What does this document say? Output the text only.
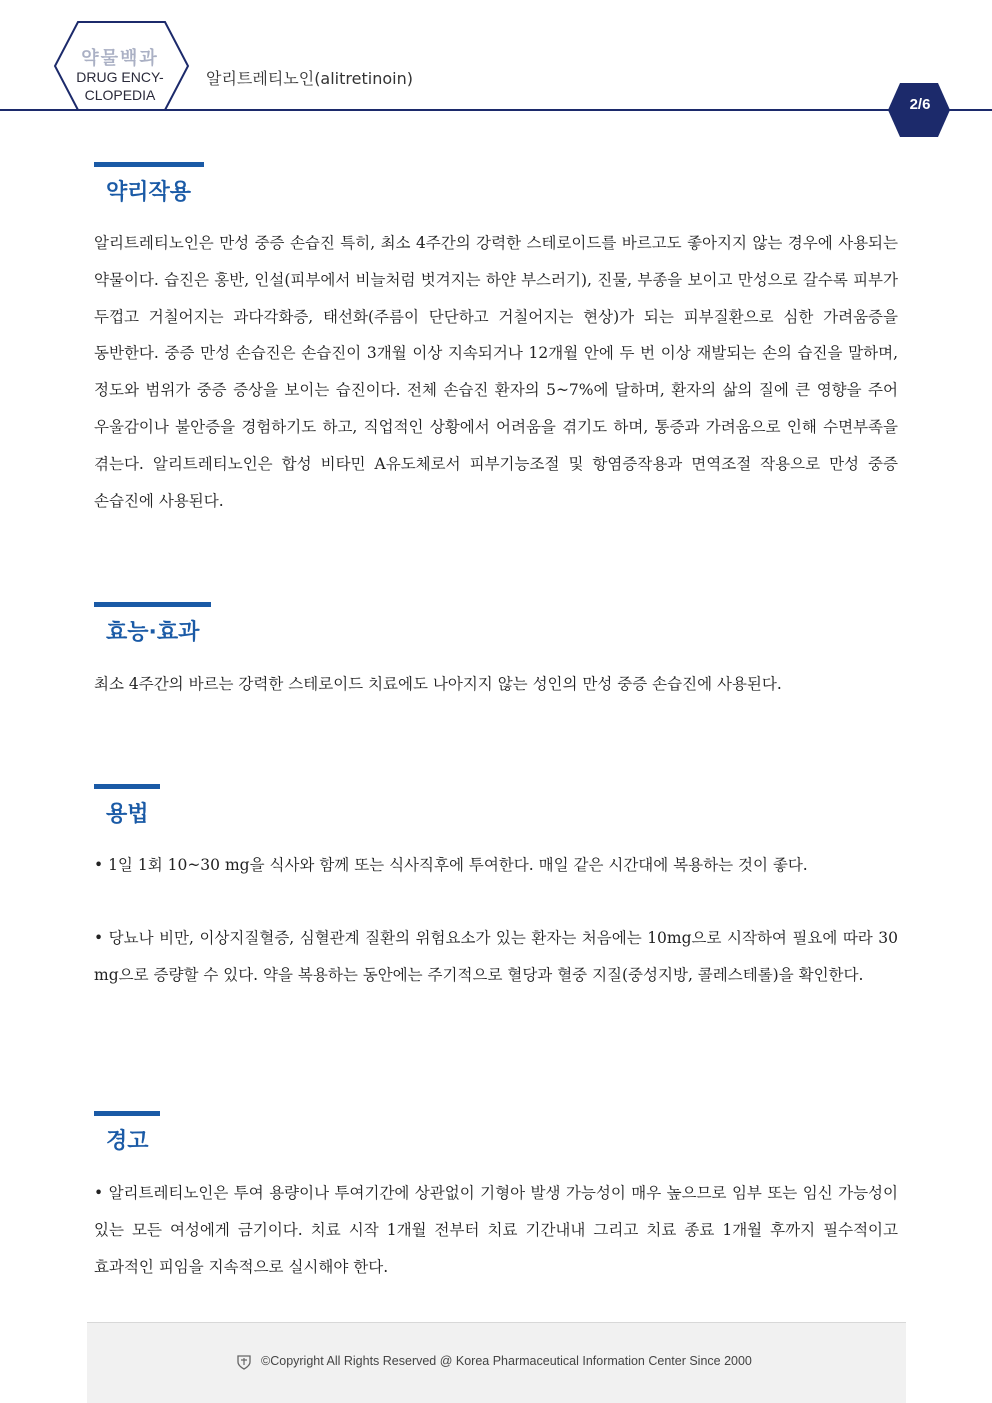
약물백과
DRUG ENCY-
CLOPEDIA
알리트레티노인(alitretinoin)
2/6
약리작용
알리트레티노인은 만성 중증 손습진 특히, 최소 4주간의 강력한 스테로이드를 바르고도 좋아지지 않는 경우에 사용되는 약물이다. 습진은 홍반, 인설(피부에서 비늘처럼 벗겨지는 하얀 부스러기), 진물, 부종을 보이고 만성으로 갈수록 피부가 두껍고 거칠어지는 과다각화증, 태선화(주름이 단단하고 거칠어지는 현상)가 되는 피부질환으로 심한 가려움증을 동반한다. 중증 만성 손습진은 손습진이 3개월 이상 지속되거나 12개월 안에 두 번 이상 재발되는 손의 습진을 말하며, 정도와 범위가 중증 증상을 보이는 습진이다. 전체 손습진 환자의 5~7%에 달하며, 환자의 삶의 질에 큰 영향을 주어 우울감이나 불안증을 경험하기도 하고, 직업적인 상황에서 어려움을 겪기도 하며, 통증과 가려움으로 인해 수면부족을 겪는다. 알리트레티노인은 합성 비타민 A유도체로서 피부기능조절 및 항염증작용과 면역조절 작용으로 만성 중증 손습진에 사용된다.
효능·효과
최소 4주간의 바르는 강력한 스테로이드 치료에도 나아지지 않는 성인의 만성 중증 손습진에 사용된다.
용법
• 1일 1회 10~30 mg을 식사와 함께 또는 식사직후에 투여한다. 매일 같은 시간대에 복용하는 것이 좋다.
• 당뇨나 비만, 이상지질혈증, 심혈관계 질환의 위험요소가 있는 환자는 처음에는 10mg으로 시작하여 필요에 따라 30 mg으로 증량할 수 있다. 약을 복용하는 동안에는 주기적으로 혈당과 혈중 지질(중성지방, 콜레스테롤)을 확인한다.
경고
• 알리트레티노인은 투여 용량이나 투여기간에 상관없이 기형아 발생 가능성이 매우 높으므로 임부 또는 임신 가능성이 있는 모든 여성에게 금기이다. 치료 시작 1개월 전부터 치료 기간내내 그리고 치료 종료 1개월 후까지 필수적이고 효과적인 피임을 지속적으로 실시해야 한다.
©Copyright All Rights Reserved @ Korea Pharmaceutical Information Center Since 2000
